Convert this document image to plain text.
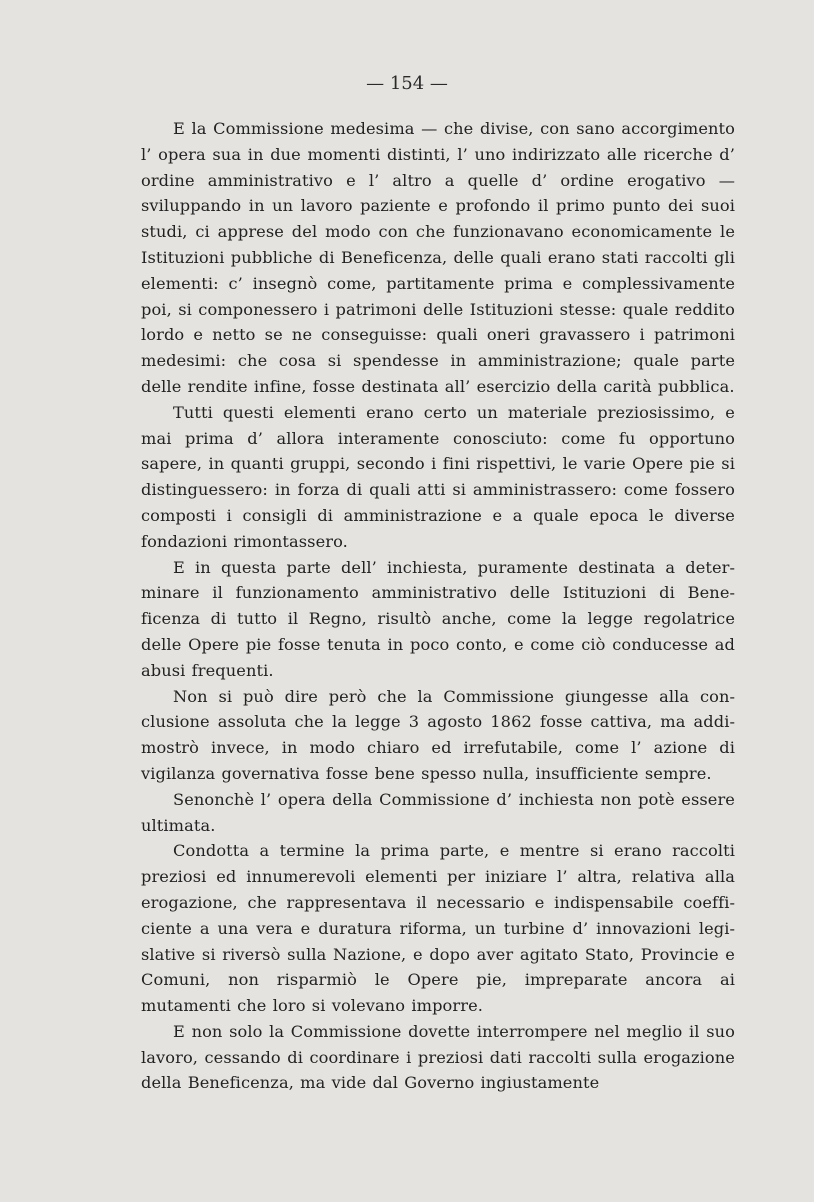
— 154 —

E la Commissione medesima — che divise, con sano accorgimento l’ opera sua in due momenti distinti, l’ uno indirizzato alle ricerche d’ ordine amministrativo e l’ altro a quelle d’ ordine erogativo — sviluppando in un lavoro paziente e profondo il primo punto dei suoi studi, ci apprese del modo con che funzionavano economicamente le Istituzioni pubbliche di Beneficenza, delle quali erano stati raccolti gli elementi: c’ insegnò come, partitamente prima e complessivamente poi, si componessero i patrimoni delle Istituzioni stesse: quale reddito lordo e netto se ne conseguisse: quali oneri gravassero i patrimoni medesimi: che cosa si spendesse in amministrazione; quale parte delle rendite infine, fosse destinata all’ esercizio della carità pubblica.

Tutti questi elementi erano certo un materiale preziosissimo, e mai prima d’ allora interamente conosciuto: come fu opportuno sapere, in quanti gruppi, secondo i fini rispettivi, le varie Opere pie si distinguessero: in forza di quali atti si amministrassero: come fossero composti i consigli di amministrazione e a quale epoca le diverse fondazioni rimontassero.

E in questa parte dell’ inchiesta, puramente destinata a determinare il funzionamento amministrativo delle Istituzioni di Beneficenza di tutto il Regno, risultò anche, come la legge regolatrice delle Opere pie fosse tenuta in poco conto, e come ciò conducesse ad abusi frequenti.

Non si può dire però che la Commissione giungesse alla conclusione assoluta che la legge 3 agosto 1862 fosse cattiva, ma addimostrò invece, in modo chiaro ed irrefutabile, come l’ azione di vigilanza governativa fosse bene spesso nulla, insufficiente sempre.

Senonchè l’ opera della Commissione d’ inchiesta non potè essere ultimata.

Condotta a termine la prima parte, e mentre si erano raccolti preziosi ed innumerevoli elementi per iniziare l’ altra, relativa alla erogazione, che rappresentava il necessario e indispensabile coefficiente a una vera e duratura riforma, un turbine d’ innovazioni legislative si riversò sulla Nazione, e dopo aver agitato Stato, Provincie e Comuni, non risparmiò le Opere pie, impreparate ancora ai mutamenti che loro si volevano imporre.

E non solo la Commissione dovette interrompere nel meglio il suo lavoro, cessando di coordinare i preziosi dati raccolti sulla erogazione della Beneficenza, ma vide dal Governo ingiustamente
